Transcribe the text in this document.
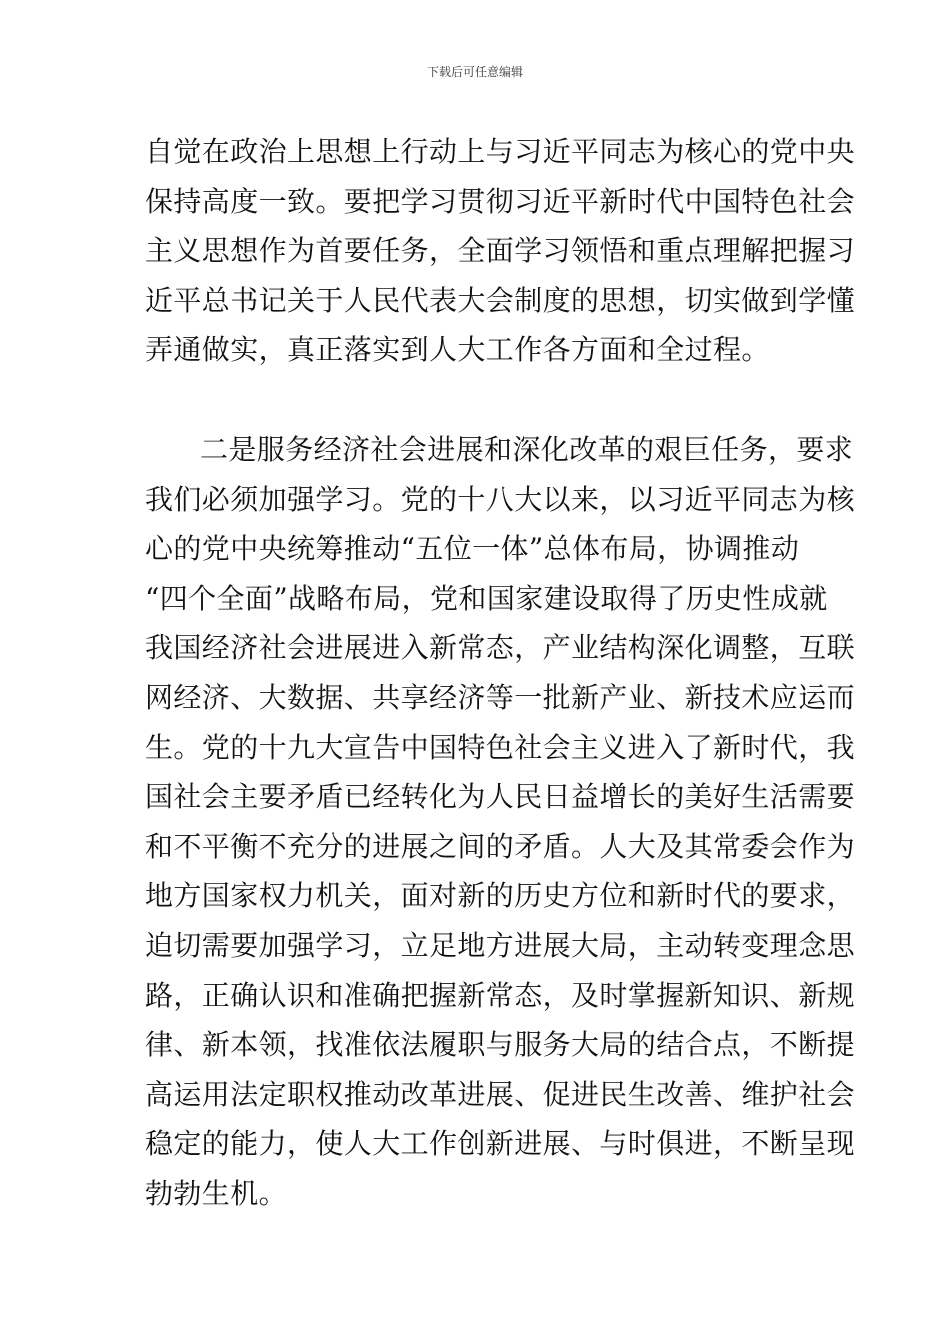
下载后可任意编辑
自觉在政治上思想上行动上与习近平同志为核心的党中央
保持高度一致。要把学习贯彻习近平新时代中国特色社会
主义思想作为首要任务，全面学习领悟和重点理解把握习
近平总书记关于人民代表大会制度的思想，切实做到学懂
弄通做实，真正落实到人大工作各方面和全过程。
二是服务经济社会进展和深化改革的艰巨任务，要求
我们必须加强学习。党的十八大以来，以习近平同志为核
心的党中央统筹推动“五位一体”总体布局，协调推动
“四个全面”战略布局，党和国家建设取得了历史性成就
我国经济社会进展进入新常态，产业结构深化调整，互联
网经济、大数据、共享经济等一批新产业、新技术应运而
生。党的十九大宣告中国特色社会主义进入了新时代，我
国社会主要矛盾已经转化为人民日益增长的美好生活需要
和不平衡不充分的进展之间的矛盾。人大及其常委会作为
地方国家权力机关，面对新的历史方位和新时代的要求，
迫切需要加强学习，立足地方进展大局，主动转变理念思
路，正确认识和准确把握新常态，及时掌握新知识、新规
律、新本领，找准依法履职与服务大局的结合点，不断提
高运用法定职权推动改革进展、促进民生改善、维护社会
稳定的能力，使人大工作创新进展、与时俱进，不断呈现
勃勃生机。
